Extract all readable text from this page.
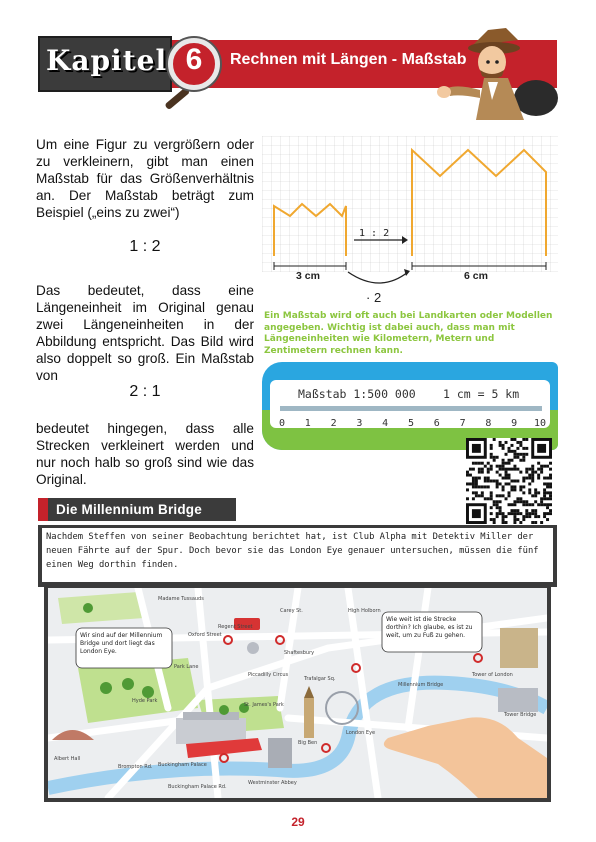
Kapitel 6	Rechnen mit Längen - Maßstab
Um eine Figur zu vergrößern oder zu verkleinern, gibt man einen Maßstab für das Größenverhältnis an. Der Maßstab beträgt zum Beispiel („eins zu zwei“)
1 : 2
Das bedeutet, dass eine Längeneinheit im Original genau zwei Längeneinheiten in der Abbildung entspricht. Das Bild wird also doppelt so groß. Ein Maßstab von
2 : 1
bedeutet hingegen, dass alle Strecken verkleinert werden und nur noch halb so groß sind wie das Original.
1 : 2
3 cm	6 cm
· 2
Ein Maßstab wird oft auch bei Landkarten oder Modellen angegeben. Wichtig ist dabei auch, dass man mit Längeneinheiten wie Kilometern, Metern und Zentimetern rechnen kann.
Maßstab 1:500 000 1 cm = 5 km
0 1 2 3 4 5 6 7 8 9 10
Die Millennium Bridge
Nachdem Steffen von seiner Beobachtung berichtet hat, ist Club Alpha mit Detektiv Miller der neuen Fährte auf der Spur. Doch bevor sie das London Eye genauer untersuchen, müssen die fünf einen Weg dorthin finden.
Madame Tussauds
Oxford Street
Regent Street
Carey St.	High Holborn
Hyde Park
Piccadilly Circus
Shaftesbury
Trafalgar Sq.
St. James's Park
Park Lane
London Eye
Millennium Bridge
Tower of London
Tower Bridge
Albert Hall
Brompton Rd. Buckingham Palace
Buckingham Palace Rd.
Big Ben
Westminster Abbey
Wir sind auf der Millennium Bridge und dort liegt das London Eye.
Wie weit ist die Strecke dorthin? Ich glaube, es ist zu weit, um zu Fuß zu gehen.
29
